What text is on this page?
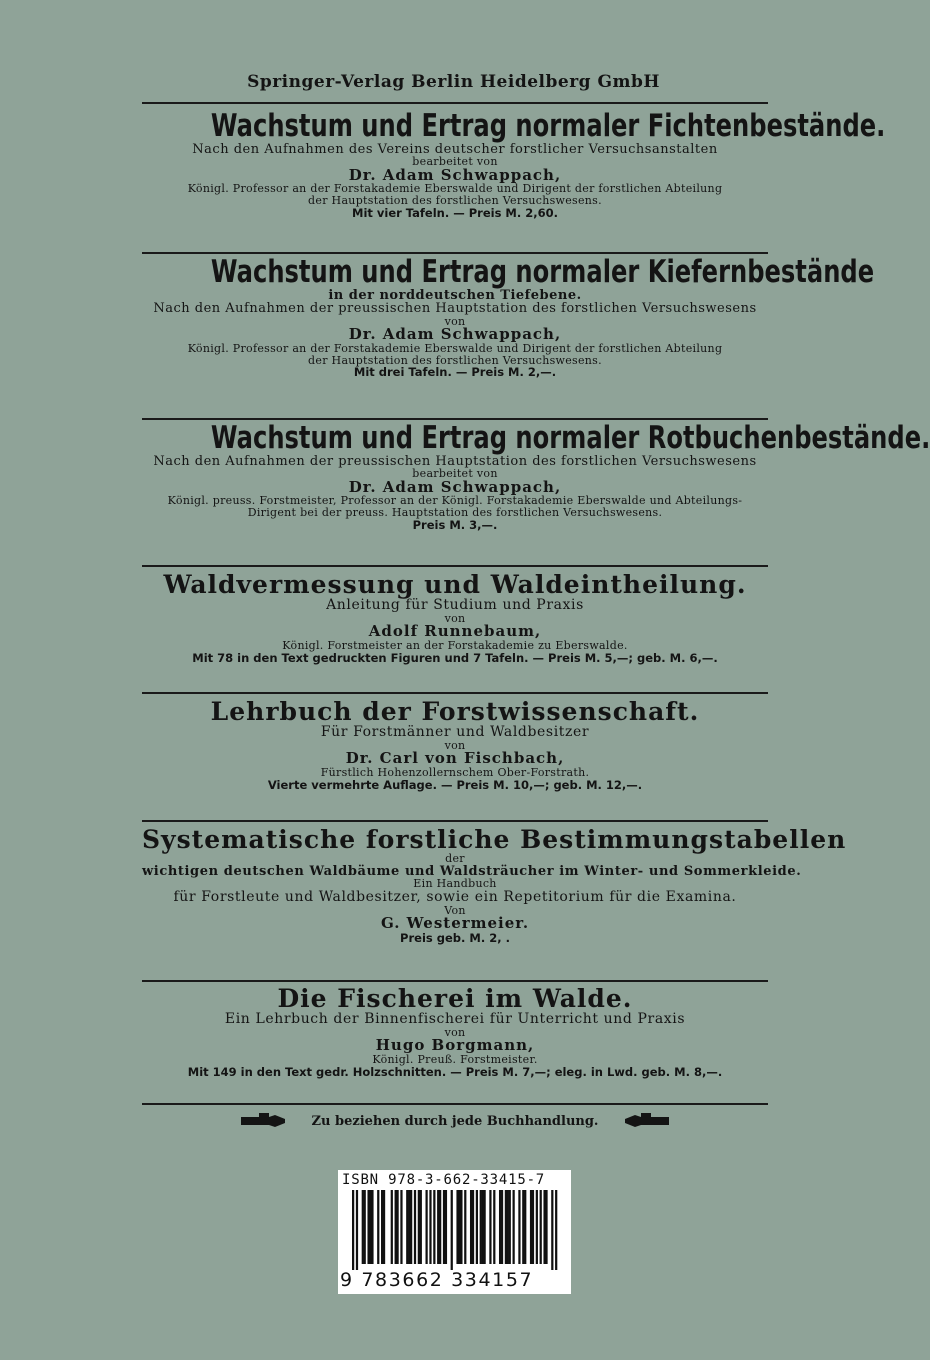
Springer-Verlag Berlin Heidelberg GmbH
Wachstum und Ertrag normaler Fichtenbestände.
Nach den Aufnahmen des Vereins deutscher forstlicher Versuchsanstalten
bearbeitet von
Dr. Adam Schwappach,
Königl. Professor an der Forstakademie Eberswalde und Dirigent der forstlichen Abteilung
der Hauptstation des forstlichen Versuchswesens.
Mit vier Tafeln. — Preis M. 2,60.
Wachstum und Ertrag normaler Kiefernbestände
in der norddeutschen Tiefebene.
Nach den Aufnahmen der preussischen Hauptstation des forstlichen Versuchswesens
von
Dr. Adam Schwappach,
Königl. Professor an der Forstakademie Eberswalde und Dirigent der forstlichen Abteilung
der Hauptstation des forstlichen Versuchswesens.
Mit drei Tafeln. — Preis M. 2,—.
Wachstum und Ertrag normaler Rotbuchenbestände.
Nach den Aufnahmen der preussischen Hauptstation des forstlichen Versuchswesens
bearbeitet von
Dr. Adam Schwappach,
Königl. preuss. Forstmeister, Professor an der Königl. Forstakademie Eberswalde und Abteilungs-
Dirigent bei der preuss. Hauptstation des forstlichen Versuchswesens.
Preis M. 3,—.
Waldvermessung und Waldeintheilung.
Anleitung für Studium und Praxis
von
Adolf Runnebaum,
Königl. Forstmeister an der Forstakademie zu Eberswalde.
Mit 78 in den Text gedruckten Figuren und 7 Tafeln. — Preis M. 5,—; geb. M. 6,—.
Lehrbuch der Forstwissenschaft.
Für Forstmänner und Waldbesitzer
von
Dr. Carl von Fischbach,
Fürstlich Hohenzollernschem Ober-Forstrath.
Vierte vermehrte Auflage. — Preis M. 10,—; geb. M. 12,—.
Systematische forstliche Bestimmungstabellen
der
wichtigen deutschen Waldbäume und Waldsträucher im Winter- und Sommerkleide.
Ein Handbuch
für Forstleute und Waldbesitzer, sowie ein Repetitorium für die Examina.
Von
G. Westermeier.
Preis geb. M. 2, .
Die Fischerei im Walde.
Ein Lehrbuch der Binnenfischerei für Unterricht und Praxis
von
Hugo Borgmann,
Königl. Preuß. Forstmeister.
Mit 149 in den Text gedr. Holzschnitten. — Preis M. 7,—; eleg. in Lwd. geb. M. 8,—.
Zu beziehen durch jede Buchhandlung.
ISBN 978-3-662-33415-7
9 783662 334157
